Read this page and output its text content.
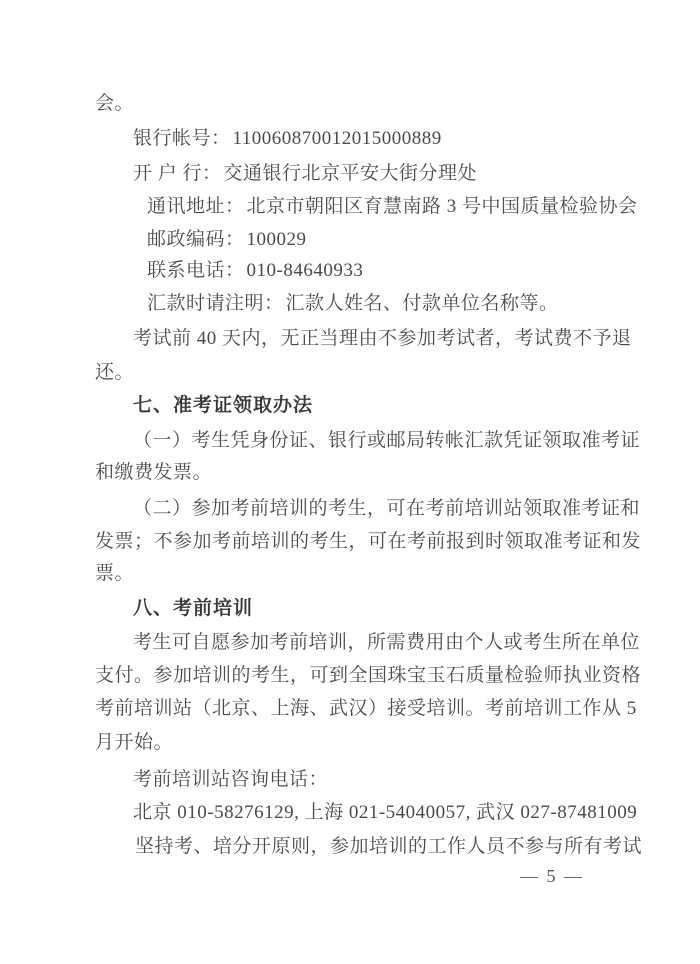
会。
银行帐号： 110060870012015000889
开 户 行： 交通银行北京平安大街分理处
通讯地址： 北京市朝阳区育慧南路 3 号中国质量检验协会
邮政编码： 100029
联系电话： 010-84640933
汇款时请注明： 汇款人姓名、付款单位名称等。
考试前 40 天内，无正当理由不参加考试者，考试费不予退
还。
七、准考证领取办法
（一）考生凭身份证、银行或邮局转帐汇款凭证领取准考证
和缴费发票。
（二）参加考前培训的考生，可在考前培训站领取准考证和
发票；不参加考前培训的考生，可在考前报到时领取准考证和发
票。
八、考前培训
考生可自愿参加考前培训，所需费用由个人或考生所在单位
支付。参加培训的考生，可到全国珠宝玉石质量检验师执业资格
考前培训站（北京、上海、武汉）接受培训。考前培训工作从 5
月开始。
考前培训站咨询电话：
北京 010-58276129, 上海 021-54040057, 武汉 027-87481009
坚持考、培分开原则，参加培训的工作人员不参与所有考试
— 5 —
